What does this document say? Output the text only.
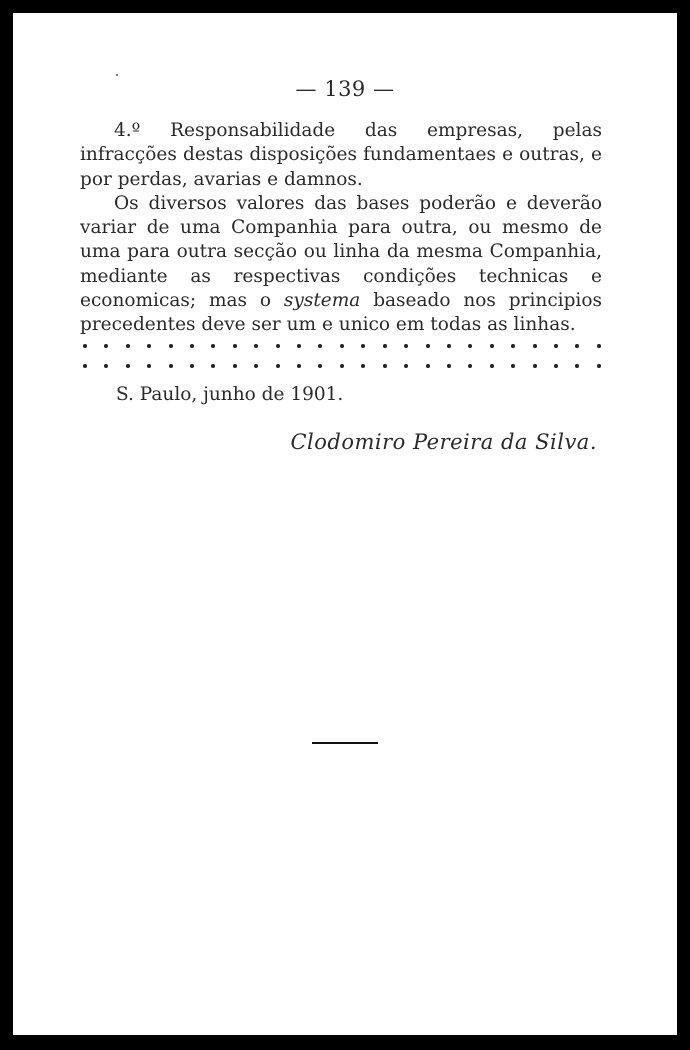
— 139 —

4.º Responsabilidade das empresas, pelas infracções destas disposições fundamentaes e outras, e por perdas, avarias e damnos.

Os diversos valores das bases poderão e deverão variar de uma Companhia para outra, ou mesmo de uma para outra secção ou linha da mesma Companhia, mediante as respectivas condições technicas e economicas; mas o systema baseado nos principios precedentes deve ser um e unico em todas as linhas.

S. Paulo, junho de 1901.
Clodomiro Pereira da Silva.
